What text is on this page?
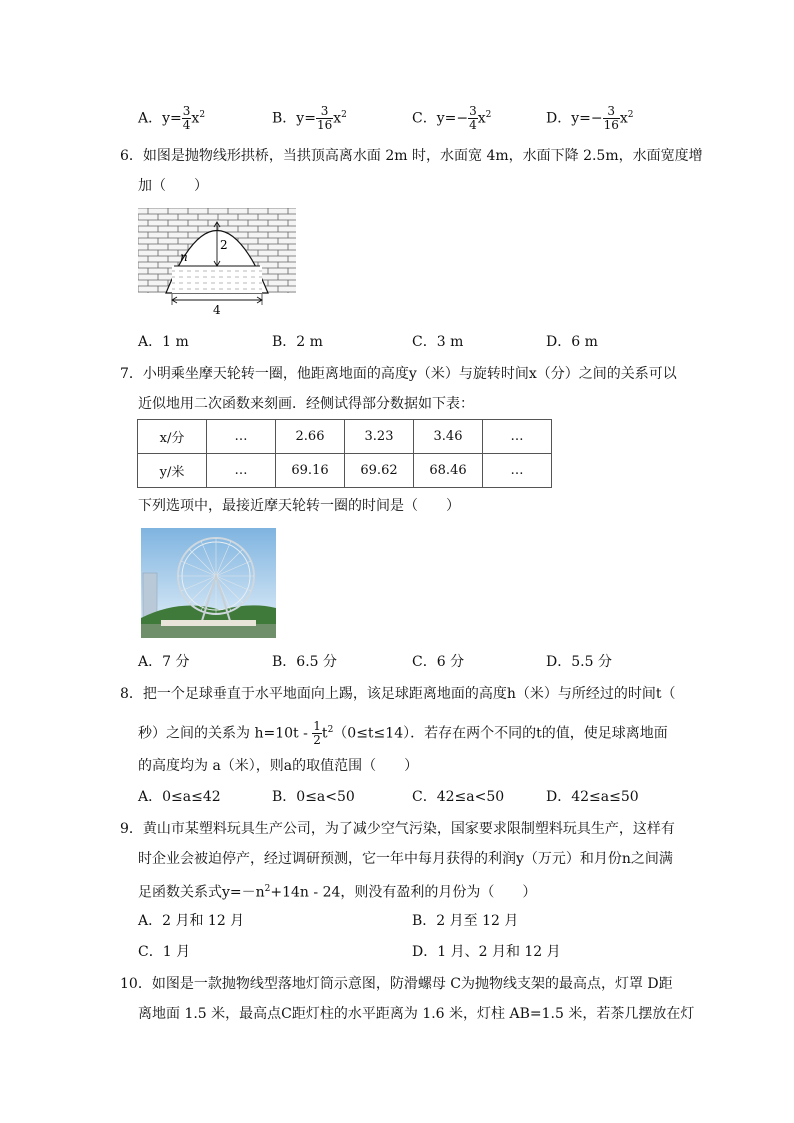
A．$y= \frac{3}{4} x^2$	B．$y= \frac{3}{16} x^2$	C．$y=- \frac{3}{4} x^2$	D．$y=- \frac{3}{16} x^2$
6．如图是抛物线形拱桥，当拱顶高离水面 2m 时，水面宽 4m，水面下降 2.5m，水面宽度增
加（　　）
2
n
4
A．1 m	B．2 m	C．3 m	D．6 m
7．小明乘坐摩天轮转一圈，他距离地面的高度y（米）与旋转时间x（分）之间的关系可以
近似地用二次函数来刻画．经侧试得部分数据如下表：
x/分	…	2.66	3.23	3.46	…
y/米	…	69.16	69.62	68.46	…
下列选项中，最接近摩天轮转一圈的时间是（　　）
A．7 分	B．6.5 分	C．6 分	D．5.5 分
8．把一个足球垂直于水平地面向上踢，该足球距离地面的高度h（米）与所经过的时间t（
秒）之间的关系为 $h=10t - \frac{1}{2} t^2(0\le t\le 14)$．若存在两个不同的t的值，使足球离地面
的高度均为 a（米），则a的取值范围（　　）
A．0≤a≤42	B．0≤a<50	C．42≤a<50	D．42≤a≤50
9．黄山市某塑料玩具生产公司，为了减少空气污染，国家要求限制塑料玩具生产，这样有
时企业会被迫停产，经过调研预测，它一年中每月获得的利润y（万元）和月份n之间满
足函数关系式$y=-n^2+14n - 24$，则没有盈利的月份为（　　）
A．2 月和 12 月	B．2 月至 12 月
C．1 月	D．1 月、2 月和 12 月
10．如图是一款抛物线型落地灯筒示意图，防滑螺母 C为抛物线支架的最高点，灯罩 D距
离地面 1.5 米，最高点C距灯柱的水平距离为 1.6 米，灯柱 AB=1.5 米，若茶几摆放在灯
